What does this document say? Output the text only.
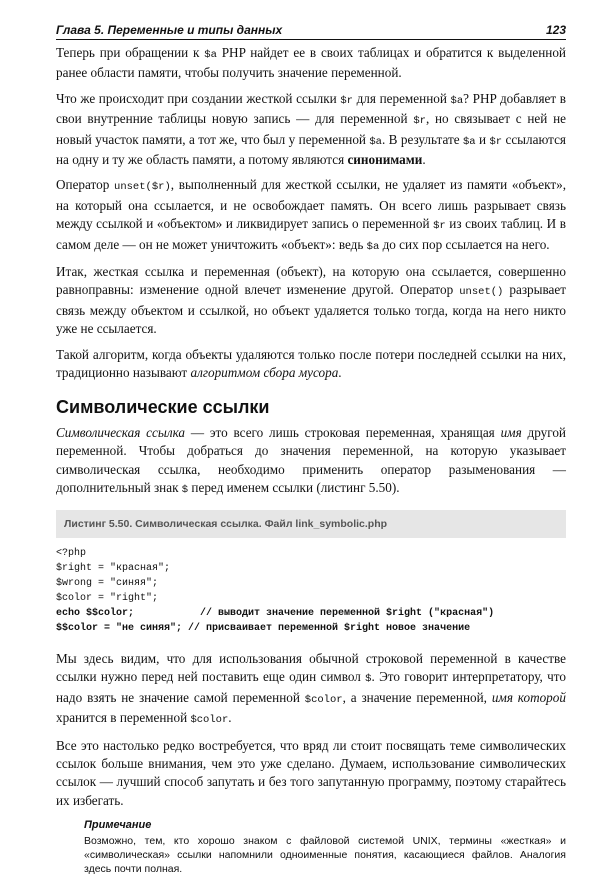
Глава 5. Переменные и типы данных	123

Теперь при обращении к $a PHP найдет ее в своих таблицах и обратится к выделенной ранее области памяти, чтобы получить значение переменной.

Что же происходит при создании жесткой ссылки $r для переменной $a? PHP добавляет в свои внутренние таблицы новую запись — для переменной $r, но связывает с ней не новый участок памяти, а тот же, что был у переменной $a. В результате $a и $r ссылаются на одну и ту же область памяти, а потому являются синонимами.

Оператор unset($r), выполненный для жесткой ссылки, не удаляет из памяти «объект», на который она ссылается, и не освобождает память. Он всего лишь разрывает связь между ссылкой и «объектом» и ликвидирует запись о переменной $r из своих таблиц. И в самом деле — он не может уничтожить «объект»: ведь $a до сих пор ссылается на него.

Итак, жесткая ссылка и переменная (объект), на которую она ссылается, совершенно равноправны: изменение одной влечет изменение другой. Оператор unset() разрывает связь между объектом и ссылкой, но объект удаляется только тогда, когда на него никто уже не ссылается.

Такой алгоритм, когда объекты удаляются только после потери последней ссылки на них, традиционно называют алгоритмом сбора мусора.

Символические ссылки

Символическая ссылка — это всего лишь строковая переменная, хранящая имя другой переменной. Чтобы добраться до значения переменной, на которую указывает символическая ссылка, необходимо применить оператор разыменования — дополнительный знак $ перед именем ссылки (листинг 5.50).

Листинг 5.50. Символическая ссылка. Файл link_symbolic.php
<?php
$right = "красная";
$wrong = "синяя";
$color = "right";
echo $$color;           // выводит значение переменной $right ("красная")
$$color = "не синяя"; // присваивает переменной $right новое значение

Мы здесь видим, что для использования обычной строковой переменной в качестве ссылки нужно перед ней поставить еще один символ $. Это говорит интерпретатору, что надо взять не значение самой переменной $color, а значение переменной, имя которой хранится в переменной $color.

Все это настолько редко востребуется, что вряд ли стоит посвящать теме символических ссылок больше внимания, чем это уже сделано. Думаем, использование символических ссылок — лучший способ запутать и без того запутанную программу, поэтому старайтесь их избегать.

Примечание
Возможно, тем, кто хорошо знаком с файловой системой UNIX, термины «жесткая» и «символическая» ссылки напомнили одноименные понятия, касающиеся файлов. Аналогия здесь почти полная.
